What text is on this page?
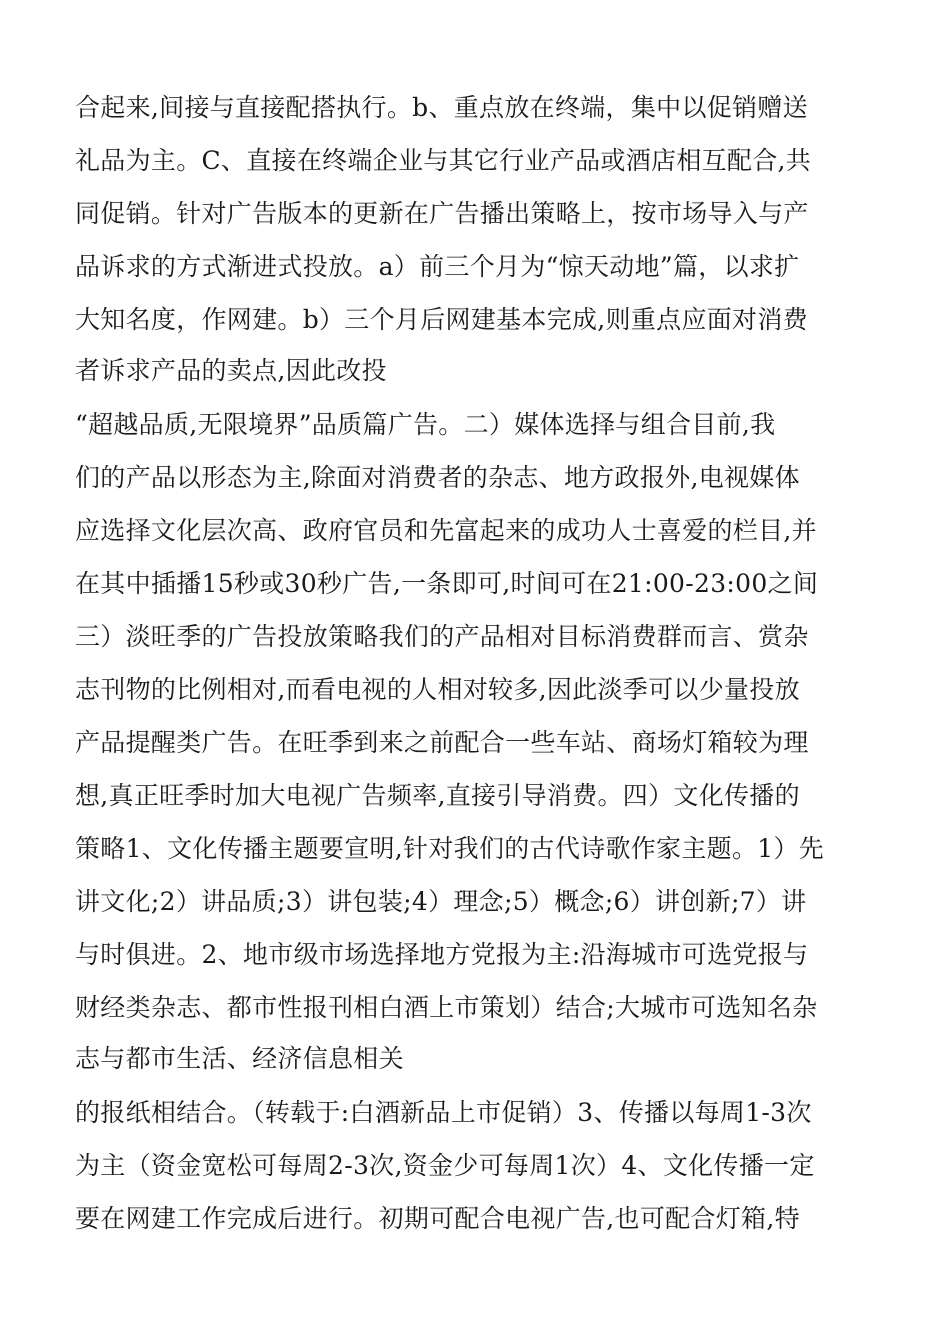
合起来,间接与直接配搭执行。b、重点放在终端，集中以促销赠送
礼品为主。C、直接在终端企业与其它行业产品或酒店相互配合,共
同促销。针对广告版本的更新在广告播出策略上，按市场导入与产
品诉求的方式渐进式投放。a）前三个月为“惊天动地”篇，以求扩
大知名度，作网建。b）三个月后网建基本完成,则重点应面对消费
者诉求产品的卖点,因此改投
“超越品质,无限境界”品质篇广告。二）媒体选择与组合目前,我
们的产品以形态为主,除面对消费者的杂志、地方政报外,电视媒体
应选择文化层次高、政府官员和先富起来的成功人士喜爱的栏目,并
在其中插播15秒或30秒广告,一条即可,时间可在21:00-23:00之间
三）淡旺季的广告投放策略我们的产品相对目标消费群而言、赏杂
志刊物的比例相对,而看电视的人相对较多,因此淡季可以少量投放
产品提醒类广告。在旺季到来之前配合一些车站、商场灯箱较为理
想,真正旺季时加大电视广告频率,直接引导消费。四）文化传播的
策略1、文化传播主题要宣明,针对我们的古代诗歌作家主题。1）先
讲文化;2）讲品质;3）讲包装;4）理念;5）概念;6）讲创新;7）讲
与时俱进。2、地市级市场选择地方党报为主:沿海城市可选党报与
财经类杂志、都市性报刊相白酒上市策划）结合;大城市可选知名杂
志与都市生活、经济信息相关
的报纸相结合。（转载于:白酒新品上市促销）3、传播以每周1-3次
为主（资金宽松可每周2-3次,资金少可每周1次）4、文化传播一定
要在网建工作完成后进行。初期可配合电视广告,也可配合灯箱,特
